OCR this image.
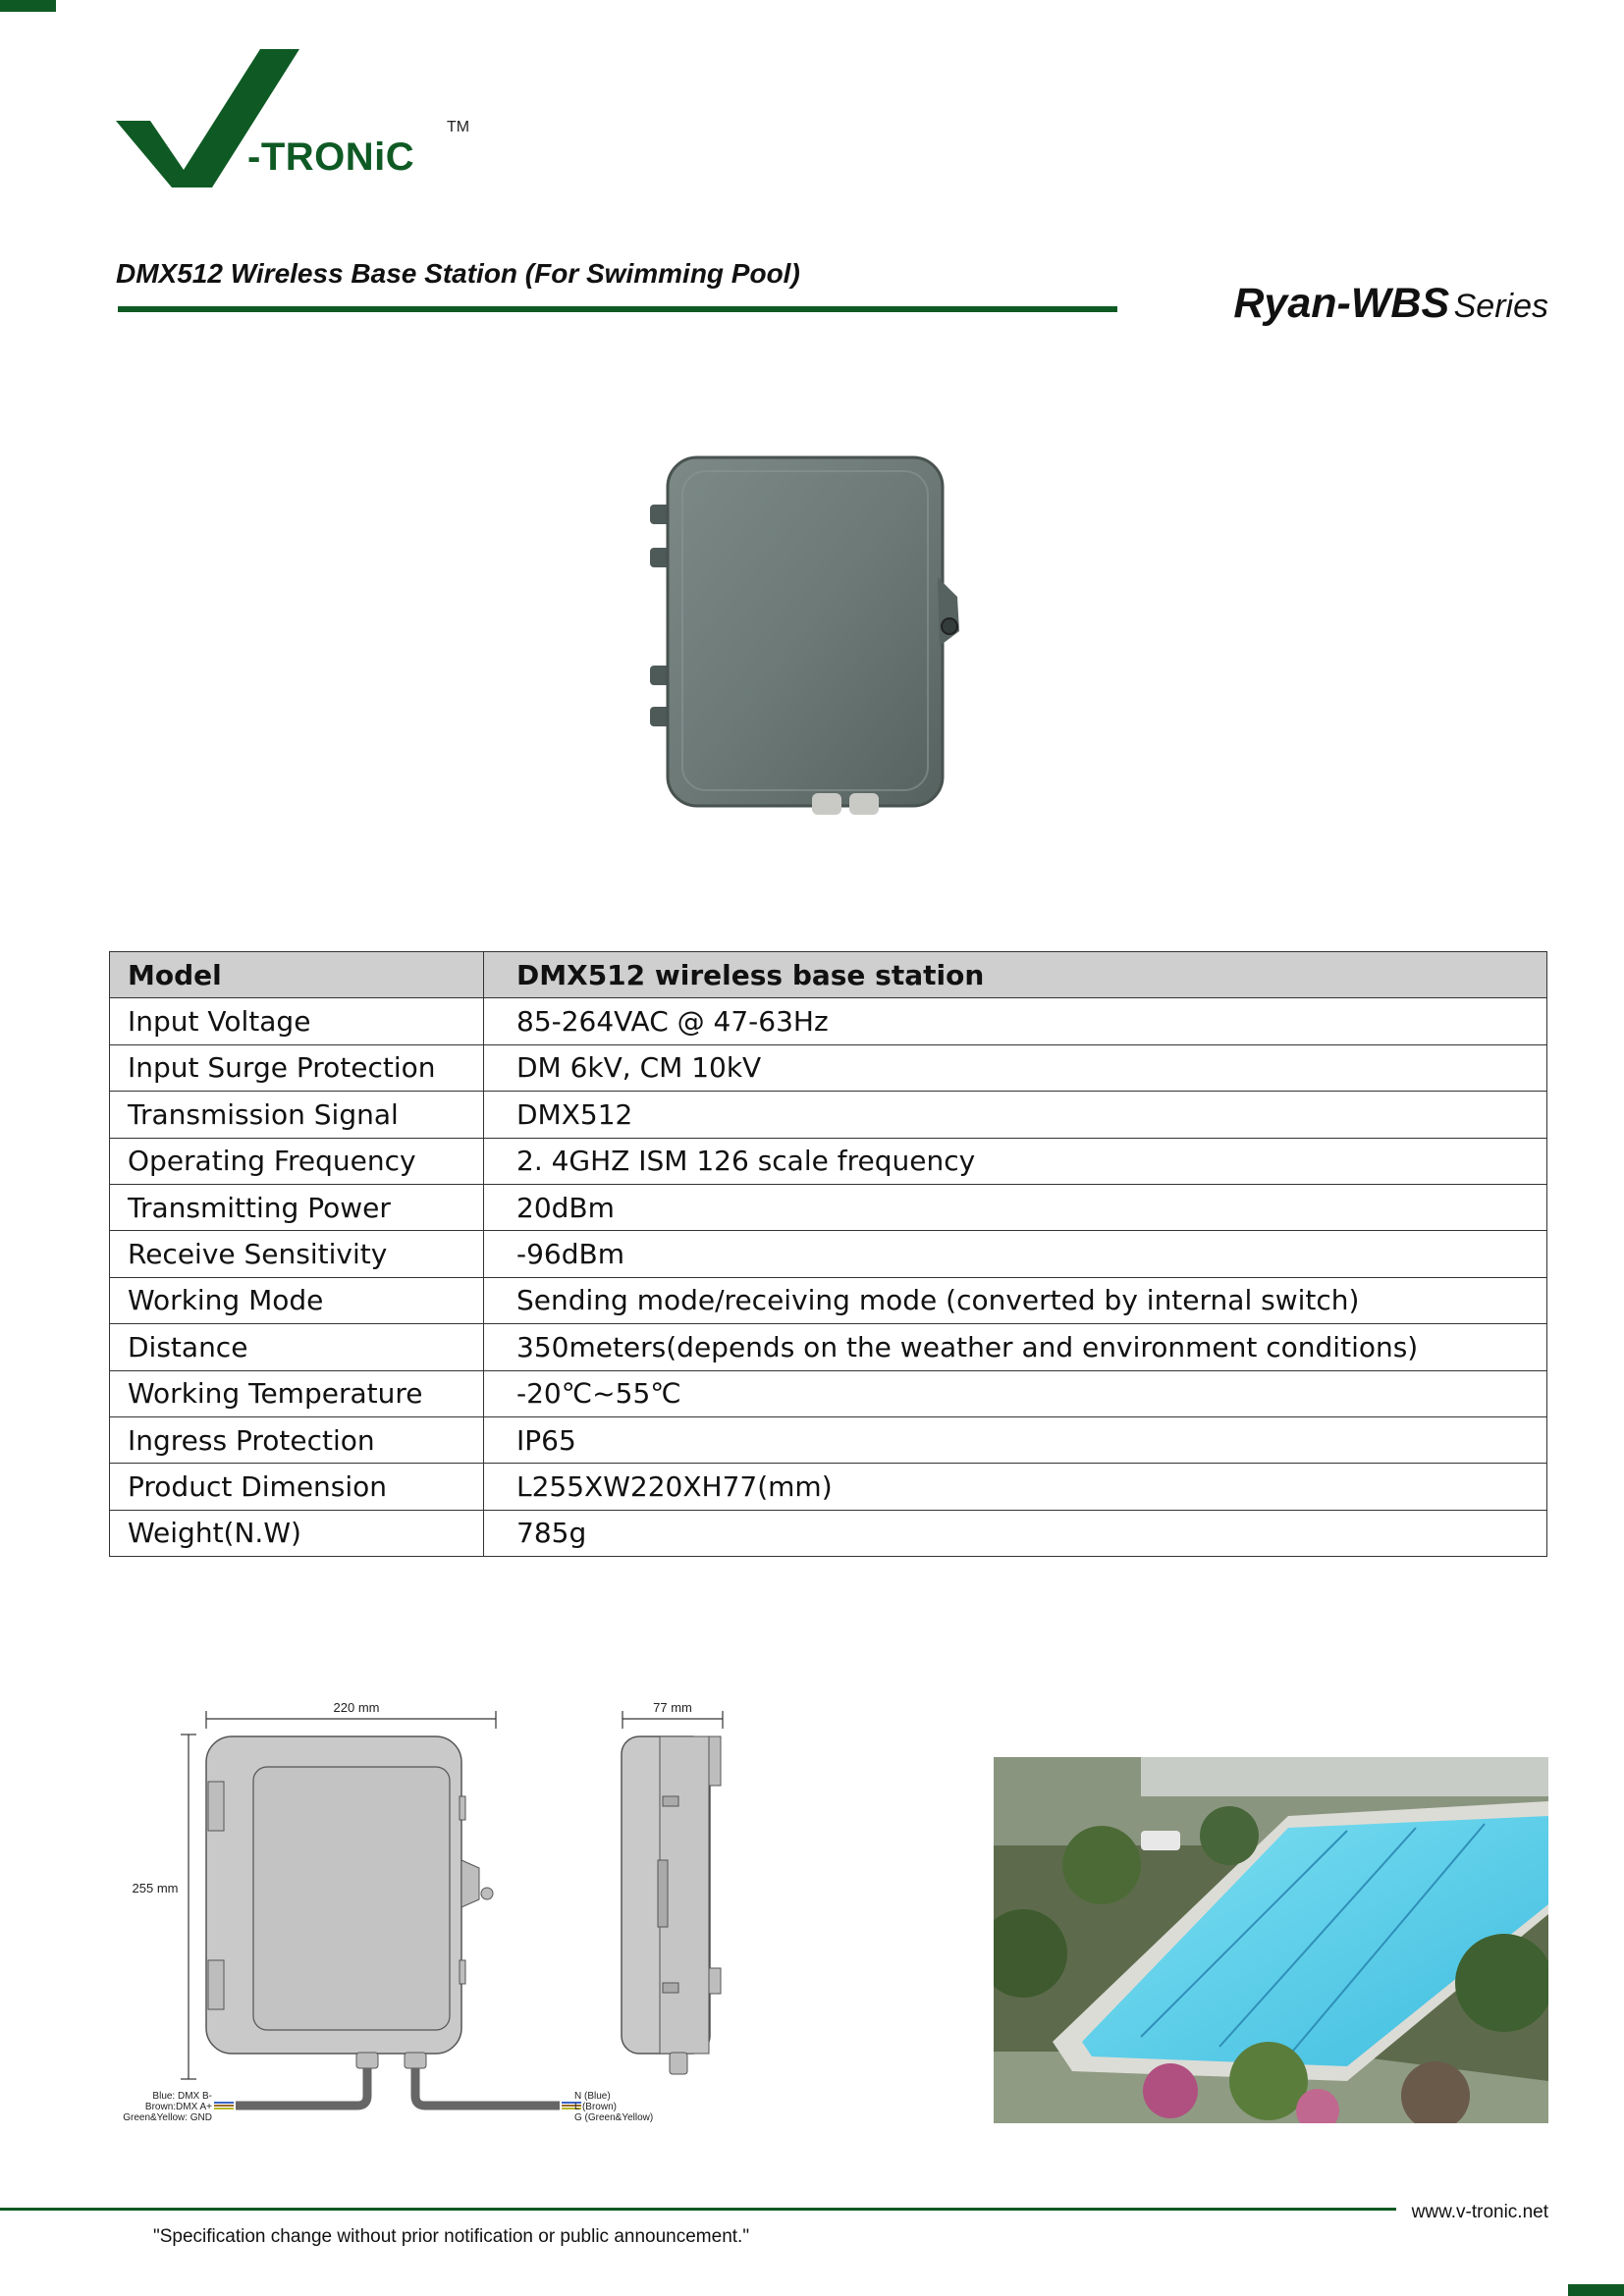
-TRONiC
TM
DMX512 Wireless Base Station (For Swimming Pool)
Ryan-WBS Series
Model	DMX512 wireless base station
Input Voltage	85-264VAC @ 47-63Hz
Input Surge Protection	DM 6kV, CM 10kV
Transmission Signal	DMX512
Operating Frequency	2. 4GHZ ISM 126 scale frequency
Transmitting Power	20dBm
Receive Sensitivity	-96dBm
Working Mode	Sending mode/receiving mode (converted by internal switch)
Distance	350meters(depends on the weather and environment conditions)
Working Temperature	-20℃~55℃
Ingress Protection	IP65
Product Dimension	L255XW220XH77(mm)
Weight(N.W)	785g
220 mm
255 mm
Blue: DMX B-
Brown:DMX A+
Green&Yellow: GND
N (Blue)
L (Brown)
G (Green&Yellow)
77 mm
www.v-tronic.net
"Specification change without prior notification or public announcement."
